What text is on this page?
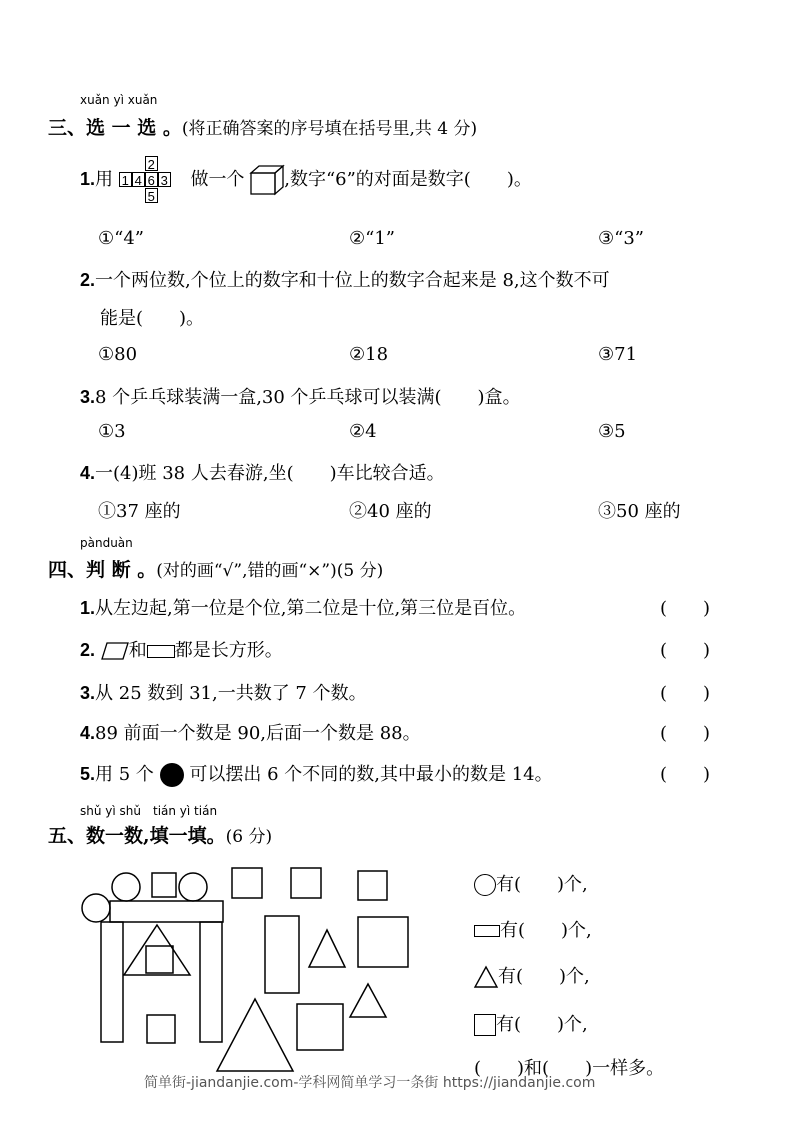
xuǎn yì xuǎn
三、选 一 选 。(将正确答案的序号填在括号里,共 4 分)
1.用
2
1 4 6 3
5
做一个 ,数字“6”的对面是数字(　　)。
①“4”	②“1”	③“3”
2.一个两位数,个位上的数字和十位上的数字合起来是 8,这个数不可
能是(　　)。
①80	②18	③71
3.8 个乒乓球装满一盒,30 个乒乓球可以装满(　　)盒。
①3	②4	③5
4.一(4)班 38 人去春游,坐(　　)车比较合适。
①37 座的	②40 座的	③50 座的
pànduàn
四、判 断 。(对的画“√”,错的画“×”)(5 分)
1.从左边起,第一位是个位,第二位是十位,第三位是百位。	(　　)
2. 和 都是长方形。	(　　)
3.从 25 数到 31,一共数了 7 个数。	(　　)
4.89 前面一个数是 90,后面一个数是 88。	(　　)
5.用 5 个 可以摆出 6 个不同的数,其中最小的数是 14。	(　　)
shǔ yì shǔ　tián yì tián
五、数一数,填一填。(6 分)
有(　　)个,
有(　　)个,
有(　　)个,
有(　　)个,
(　　)和(　　)一样多。
简单街-jiandanjie.com-学科网简单学习一条街 https://jiandanjie.com
